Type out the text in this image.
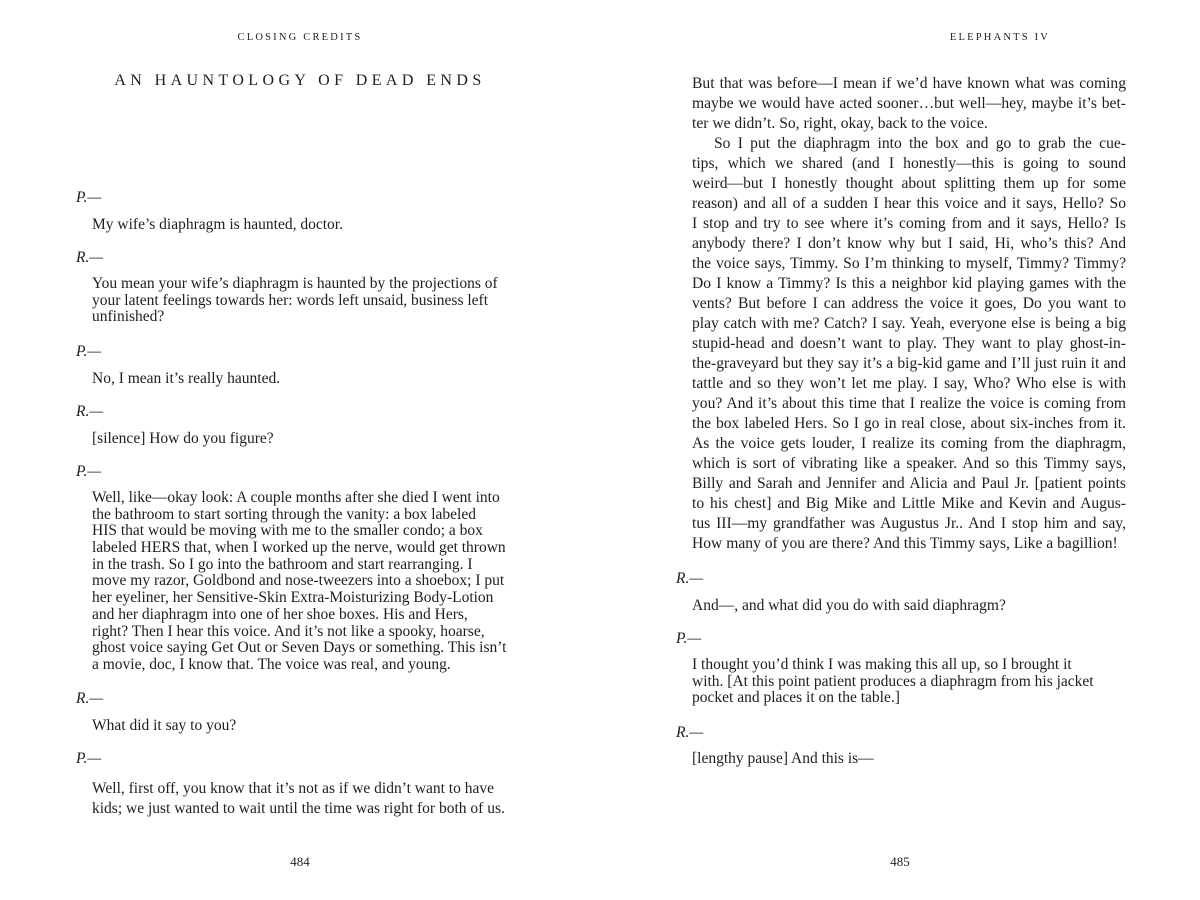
CLOSING CREDITS
AN HAUNTOLOGY OF DEAD ENDS
P.—
My wife’s diaphragm is haunted, doctor.
R.—
You mean your wife’s diaphragm is haunted by the projections of
your latent feelings towards her: words left unsaid, business left
unfinished?
P.—
No, I mean it’s really haunted.
R.—
[silence] How do you figure?
P.—
Well, like—okay look: A couple months after she died I went into
the bathroom to start sorting through the vanity: a box labeled
HIS that would be moving with me to the smaller condo; a box
labeled HERS that, when I worked up the nerve, would get thrown
in the trash. So I go into the bathroom and start rearranging. I
move my razor, Goldbond and nose-tweezers into a shoebox; I put
her eyeliner, her Sensitive-Skin Extra-Moisturizing Body-Lotion
and her diaphragm into one of her shoe boxes. His and Hers,
right? Then I hear this voice. And it’s not like a spooky, hoarse,
ghost voice saying Get Out or Seven Days or something. This isn’t
a movie, doc, I know that. The voice was real, and young.
R.—
What did it say to you?
P.—
Well, first off, you know that it’s not as if we didn’t want to have
kids; we just wanted to wait until the time was right for both of us.
484
ELEPHANTS IV
But that was before—I mean if we’d have known what was coming
maybe we would have acted sooner…but well—hey, maybe it’s bet-
ter we didn’t. So, right, okay, back to the voice.
So I put the diaphragm into the box and go to grab the cue-
tips, which we shared (and I honestly—this is going to sound
weird—but I honestly thought about splitting them up for some
reason) and all of a sudden I hear this voice and it says, Hello? So
I stop and try to see where it’s coming from and it says, Hello? Is
anybody there? I don’t know why but I said, Hi, who’s this? And
the voice says, Timmy. So I’m thinking to myself, Timmy? Timmy?
Do I know a Timmy? Is this a neighbor kid playing games with the
vents? But before I can address the voice it goes, Do you want to
play catch with me? Catch? I say. Yeah, everyone else is being a big
stupid-head and doesn’t want to play. They want to play ghost-in-
the-graveyard but they say it’s a big-kid game and I’ll just ruin it and
tattle and so they won’t let me play. I say, Who? Who else is with
you? And it’s about this time that I realize the voice is coming from
the box labeled Hers. So I go in real close, about six-inches from it.
As the voice gets louder, I realize its coming from the diaphragm,
which is sort of vibrating like a speaker. And so this Timmy says,
Billy and Sarah and Jennifer and Alicia and Paul Jr. [patient points
to his chest] and Big Mike and Little Mike and Kevin and Augus-
tus III—my grandfather was Augustus Jr.. And I stop him and say,
How many of you are there? And this Timmy says, Like a bagillion!
R.—
And—, and what did you do with said diaphragm?
P.—
I thought you’d think I was making this all up, so I brought it
with. [At this point patient produces a diaphragm from his jacket
pocket and places it on the table.]
R.—
[lengthy pause] And this is—
485
